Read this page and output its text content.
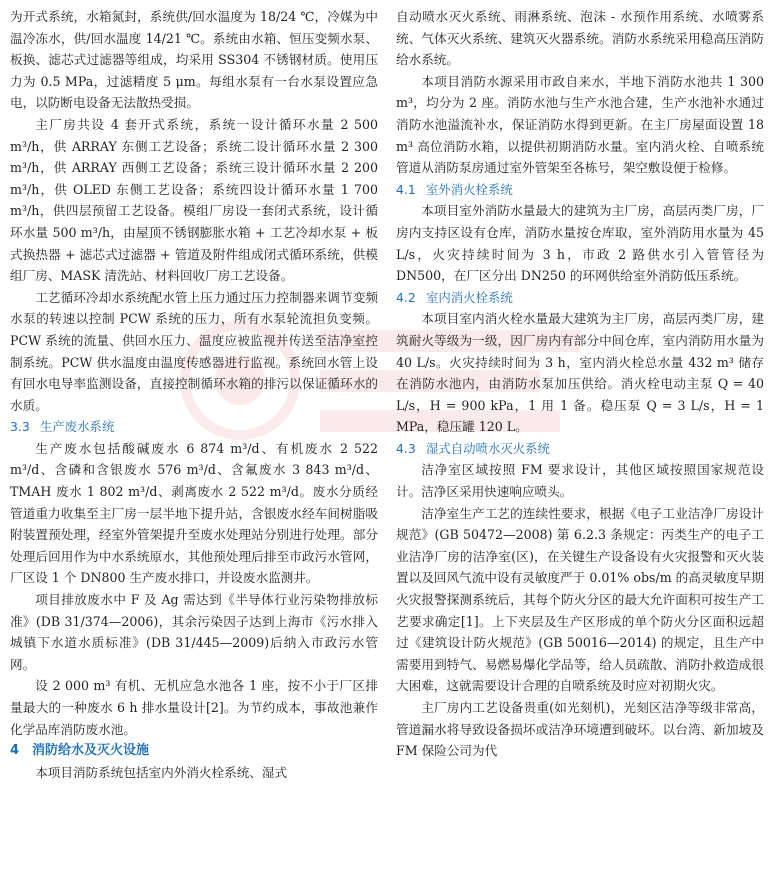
为开式系统，水箱氮封，系统供/回水温度为 18/24 ℃，冷媒为中温冷冻水，供/回水温度 14/21 ℃。系统由水箱、恒压变频水泵、板换、滤芯式过滤器等组成，均采用 SS304 不锈钢材质。使用压力为 0.5 MPa，过滤精度 5 μm。每组水泵有一台水泵设置应急电，以防断电设备无法散热受损。

主厂房共设 4 套开式系统，系统一设计循环水量 2 500 m³/h，供 ARRAY 东侧工艺设备；系统二设计循环水量 2 300 m³/h，供 ARRAY 西侧工艺设备；系统三设计循环水量 2 200 m³/h，供 OLED 东侧工艺设备；系统四设计循环水量 1 700 m³/h，供四层预留工艺设备。模组厂房设一套闭式系统，设计循环水量 500 m³/h，由屋顶不锈钢膨胀水箱 + 工艺冷却水泵 + 板式换热器 + 滤芯式过滤器 + 管道及附件组成闭式循环系统，供模组厂房、MASK 清洗站、材料回收厂房工艺设备。

工艺循环冷却水系统配水管上压力通过压力控制器来调节变频水泵的转速以控制 PCW 系统的压力，所有水泵轮流担负变频。PCW 系统的流量、供回水压力、温度应被监视并传送至洁净室控制系统。PCW 供水温度由温度传感器进行监视。系统回水管上设有回水电导率监测设备，直接控制循环水箱的排污以保证循环水的水质。

3.3 生产废水系统

生产废水包括酸碱废水 6 874 m³/d、有机废水 2 522 m³/d、含磷和含银废水 576 m³/d、含氟废水 3 843 m³/d、TMAH 废水 1 802 m³/d、剥离废水 2 522 m³/d。废水分质经管道重力收集至主厂房一层半地下提升站，含银废水经车间树脂吸附装置预处理，经室外管架提升至废水处理站分别进行处理。部分处理后回用作为中水系统原水，其他预处理后排至市政污水管网，厂区设 1 个 DN800 生产废水排口，并设废水监测井。

项目排放废水中 F 及 Ag 需达到《半导体行业污染物排放标准》(DB 31/374—2006)，其余污染因子达到上海市《污水排入城镇下水道水质标准》(DB 31/445—2009)后纳入市政污水管网。

设 2 000 m³ 有机、无机应急水池各 1 座，按不小于厂区排量最大的一种废水 6 h 排水量设计[2]。为节约成本，事故池兼作化学品库消防废水池。

4 消防给水及灭火设施

本项目消防系统包括室内外消火栓系统、湿式

自动喷水灭火系统、雨淋系统、泡沫 - 水预作用系统、水喷雾系统、气体灭火系统、建筑灭火器系统。消防水系统采用稳高压消防给水系统。

本项目消防水源采用市政自来水，半地下消防水池共 1 300 m³，均分为 2 座。消防水池与生产水池合建，生产水池补水通过消防水池溢流补水，保证消防水得到更新。在主厂房屋面设置 18 m³ 高位消防水箱，以提供初期消防水量。室内消火栓、自喷系统管道从消防泵房通过室外管架至各栋号，架空敷设便于检修。

4.1 室外消火栓系统

本项目室外消防水量最大的建筑为主厂房，高层丙类厂房，厂房内支持区设有仓库，消防水量按仓库取，室外消防用水量为 45 L/s，火灾持续时间为 3 h，市政 2 路供水引入管管径为 DN500，在厂区分出 DN250 的环网供给室外消防低压系统。

4.2 室内消火栓系统

本项目室内消火栓水量最大建筑为主厂房，高层丙类厂房，建筑耐火等级为一级，因厂房内有部分中间仓库，室内消防用水量为 40 L/s。火灾持续时间为 3 h，室内消火栓总水量 432 m³ 储存在消防水池内，由消防水泵加压供给。消火栓电动主泵 Q = 40 L/s，H = 900 kPa，1 用 1 备。稳压泵 Q = 3 L/s，H = 1 MPa，稳压罐 120 L。

4.3 湿式自动喷水灭火系统

洁净室区域按照 FM 要求设计，其他区域按照国家规范设计。洁净区采用快速响应喷头。

洁净室生产工艺的连续性要求，根据《电子工业洁净厂房设计规范》(GB 50472—2008) 第 6.2.3 条规定：丙类生产的电子工业洁净厂房的洁净室(区)，在关键生产设备设有火灾报警和灭火装置以及回风气流中设有灵敏度严于 0.01% obs/m 的高灵敏度早期火灾报警探测系统后，其每个防火分区的最大允许面积可按生产工艺要求确定[1]。上下夹层及生产区形成的单个防火分区面积远超过《建筑设计防火规范》(GB 50016—2014) 的规定，且生产中需要用到特气、易燃易爆化学品等，给人员疏散、消防扑救造成很大困难，这就需要设计合理的自喷系统及时应对初期火灾。

主厂房内工艺设备贵重(如光刻机)，光刻区洁净等级非常高，管道漏水将导致设备损坏或洁净环境遭到破坏。以台湾、新加坡及 FM 保险公司为代
